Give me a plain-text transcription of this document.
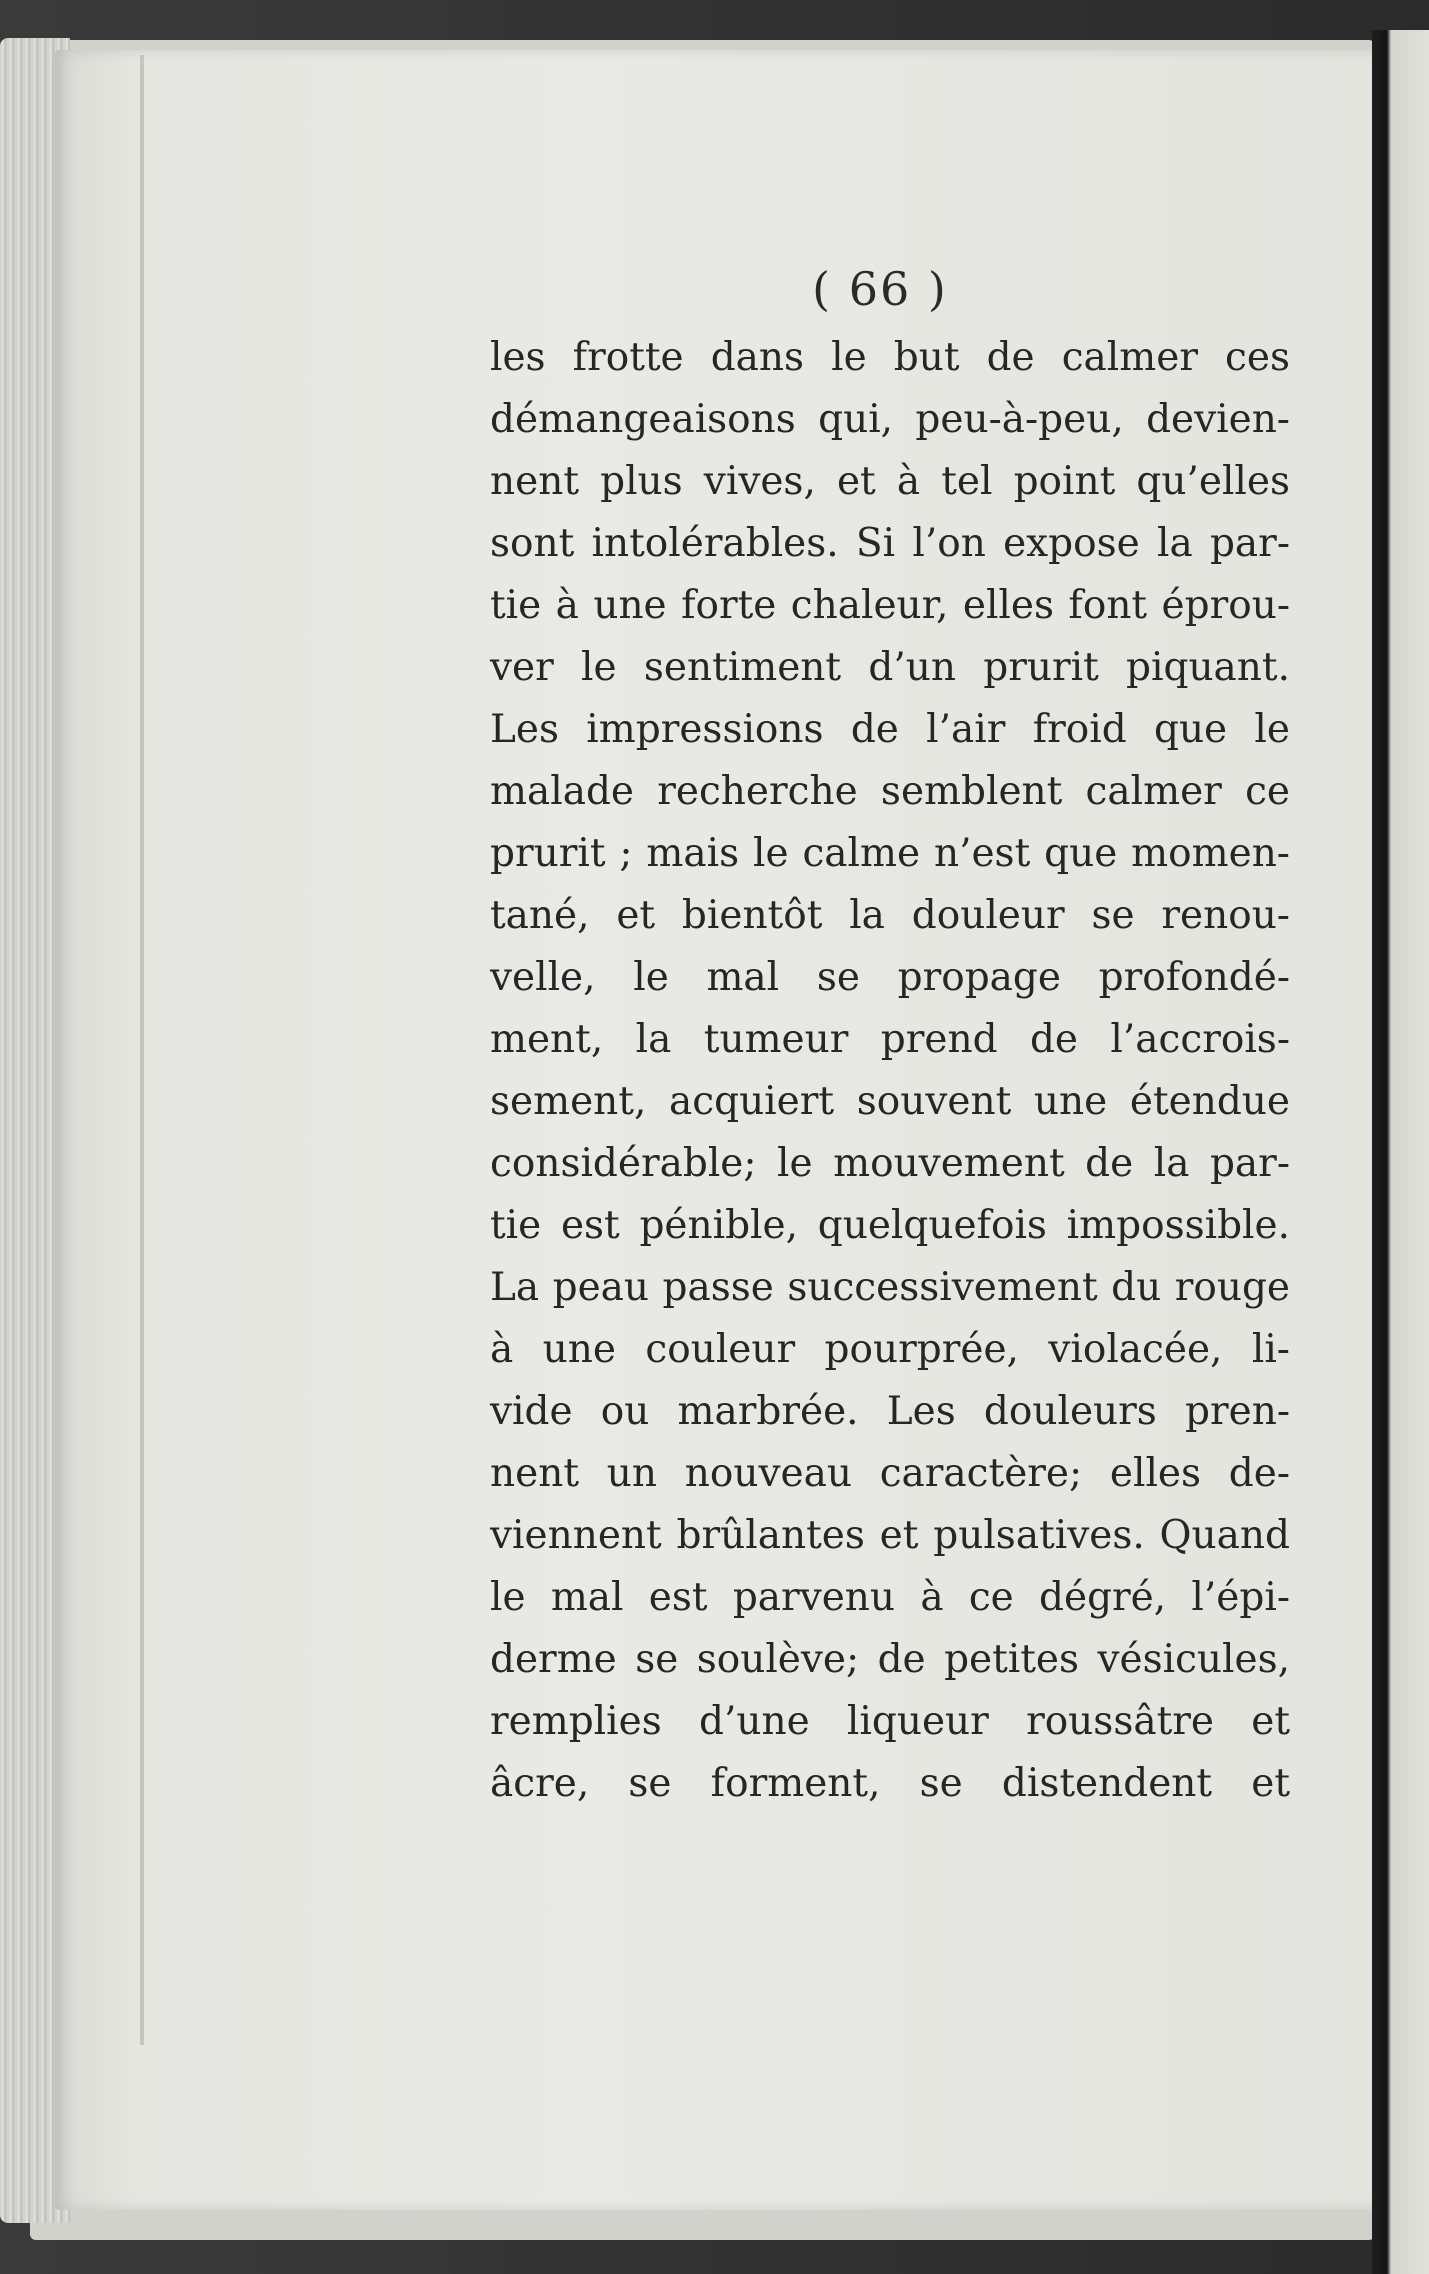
( 66 )
les frotte dans le but de calmer ces
démangeaisons qui, peu-à-peu, devien-
nent plus vives, et à tel point qu’elles
sont intolérables. Si l’on expose la par-
tie à une forte chaleur, elles font éprou-
ver le sentiment d’un prurit piquant.
Les impressions de l’air froid que le
malade recherche semblent calmer ce
prurit ; mais le calme n’est que momen-
tané, et bientôt la douleur se renou-
velle, le mal se propage profondé-
ment, la tumeur prend de l’accrois-
sement, acquiert souvent une étendue
considérable; le mouvement de la par-
tie est pénible, quelquefois impossible.
La peau passe successivement du rouge
à une couleur pourprée, violacée, li-
vide ou marbrée. Les douleurs pren-
nent un nouveau caractère; elles de-
viennent brûlantes et pulsatives. Quand
le mal est parvenu à ce dégré, l’épi-
derme se soulève; de petites vésicules,
remplies d’une liqueur roussâtre et
âcre, se forment, se distendent et
